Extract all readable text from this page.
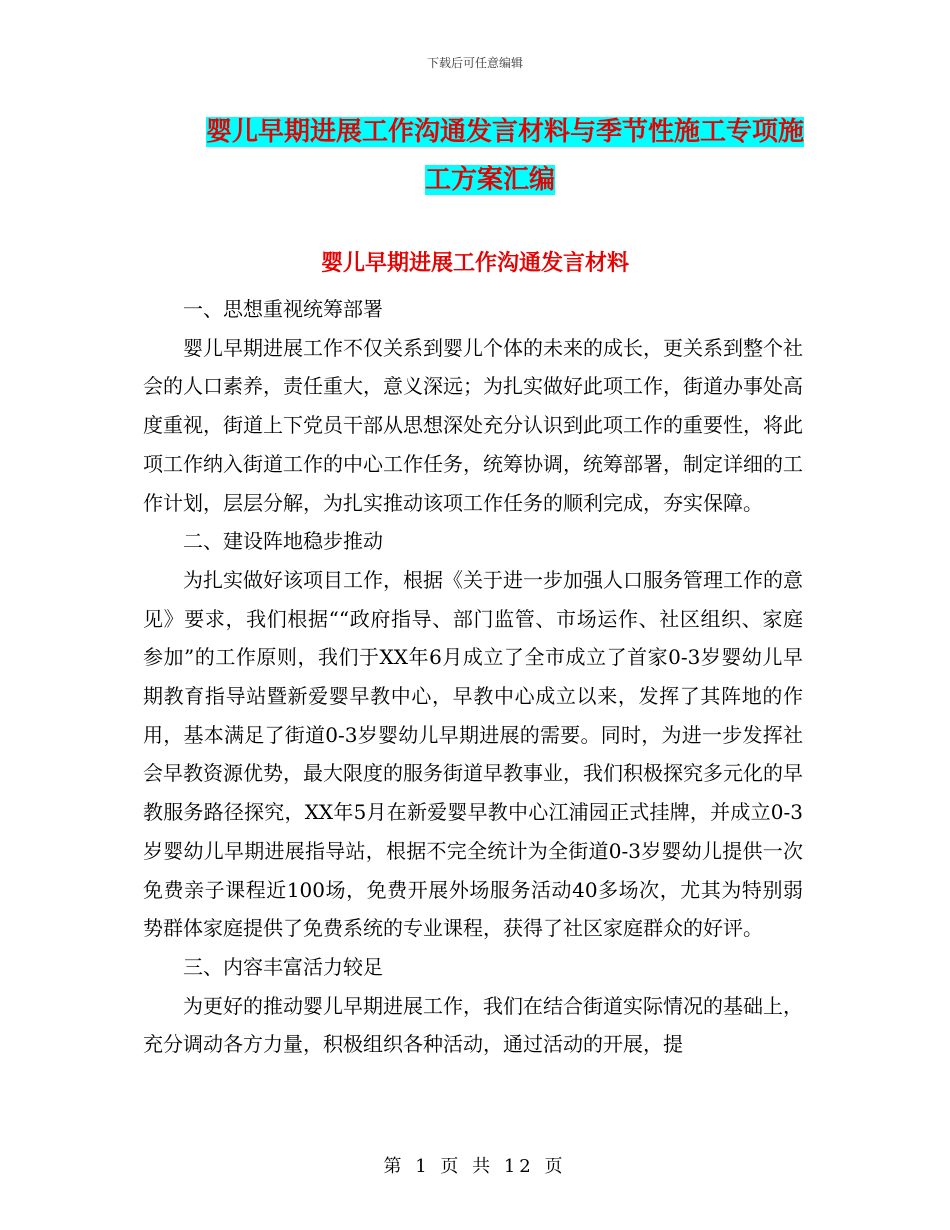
下载后可任意编辑
婴儿早期进展工作沟通发言材料与季节性施工专项施
工方案汇编
婴儿早期进展工作沟通发言材料

一、思想重视统筹部署

婴儿早期进展工作不仅关系到婴儿个体的未来的成长，更关系到整个社会的人口素养，责任重大，意义深远；为扎实做好此项工作，街道办事处高度重视，街道上下党员干部从思想深处充分认识到此项工作的重要性，将此项工作纳入街道工作的中心工作任务，统筹协调，统筹部署，制定详细的工作计划，层层分解，为扎实推动该项工作任务的顺利完成，夯实保障。

二、建设阵地稳步推动

为扎实做好该项目工作，根据《关于进一步加强人口服务管理工作的意见》要求，我们根据““政府指导、部门监管、市场运作、社区组织、家庭参加”的工作原则，我们于XX年6月成立了全市成立了首家0-3岁婴幼儿早期教育指导站暨新爱婴早教中心，早教中心成立以来，发挥了其阵地的作用，基本满足了街道0-3岁婴幼儿早期进展的需要。同时，为进一步发挥社会早教资源优势，最大限度的服务街道早教事业，我们积极探究多元化的早教服务路径探究，XX年5月在新爱婴早教中心江浦园正式挂牌，并成立0-3岁婴幼儿早期进展指导站，根据不完全统计为全街道0-3岁婴幼儿提供一次免费亲子课程近100场，免费开展外场服务活动40多场次，尤其为特别弱势群体家庭提供了免费系统的专业课程，获得了社区家庭群众的好评。

三、内容丰富活力较足

为更好的推动婴儿早期进展工作，我们在结合街道实际情况的基础上，充分调动各方力量，积极组织各种活动，通过活动的开展，提

第 1 页 共 12 页
